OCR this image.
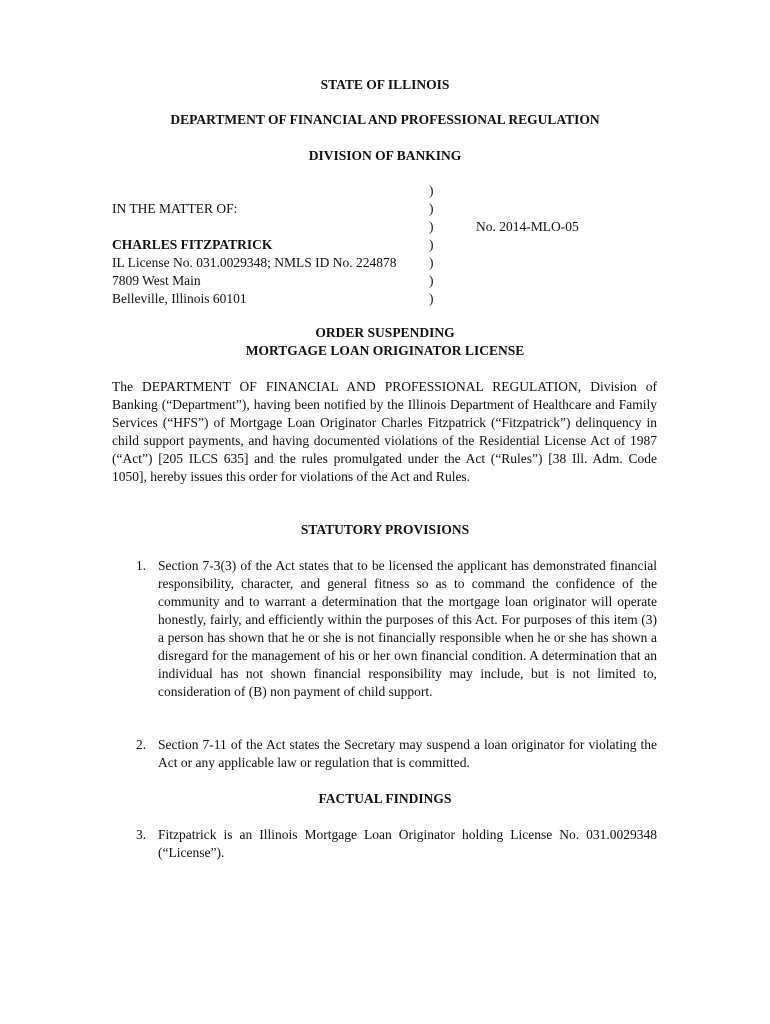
STATE OF ILLINOIS
DEPARTMENT OF FINANCIAL AND PROFESSIONAL REGULATION
DIVISION OF BANKING
IN THE MATTER OF:
CHARLES FITZPATRICK
IL License No. 031.0029348; NMLS ID No. 224878
7809 West Main
Belleville, Illinois 60101
)
)
)
)
)
)
)
No. 2014-MLO-05
ORDER SUSPENDING
MORTGAGE LOAN ORIGINATOR LICENSE
The DEPARTMENT OF FINANCIAL AND PROFESSIONAL REGULATION, Division of Banking (“Department”), having been notified by the Illinois Department of Healthcare and Family Services (“HFS”) of Mortgage Loan Originator Charles Fitzpatrick (“Fitzpatrick”) delinquency in child support payments, and having documented violations of the Residential License Act of 1987 (“Act”) [205 ILCS 635] and the rules promulgated under the Act (“Rules”) [38 Ill. Adm. Code 1050], hereby issues this order for violations of the Act and Rules.
STATUTORY PROVISIONS
1. Section 7-3(3) of the Act states that to be licensed the applicant has demonstrated financial responsibility, character, and general fitness so as to command the confidence of the community and to warrant a determination that the mortgage loan originator will operate honestly, fairly, and efficiently within the purposes of this Act. For purposes of this item (3) a person has shown that he or she is not financially responsible when he or she has shown a disregard for the management of his or her own financial condition. A determination that an individual has not shown financial responsibility may include, but is not limited to, consideration of (B) non payment of child support.
2. Section 7-11 of the Act states the Secretary may suspend a loan originator for violating the Act or any applicable law or regulation that is committed.
FACTUAL FINDINGS
3. Fitzpatrick is an Illinois Mortgage Loan Originator holding License No. 031.0029348 (“License”).
